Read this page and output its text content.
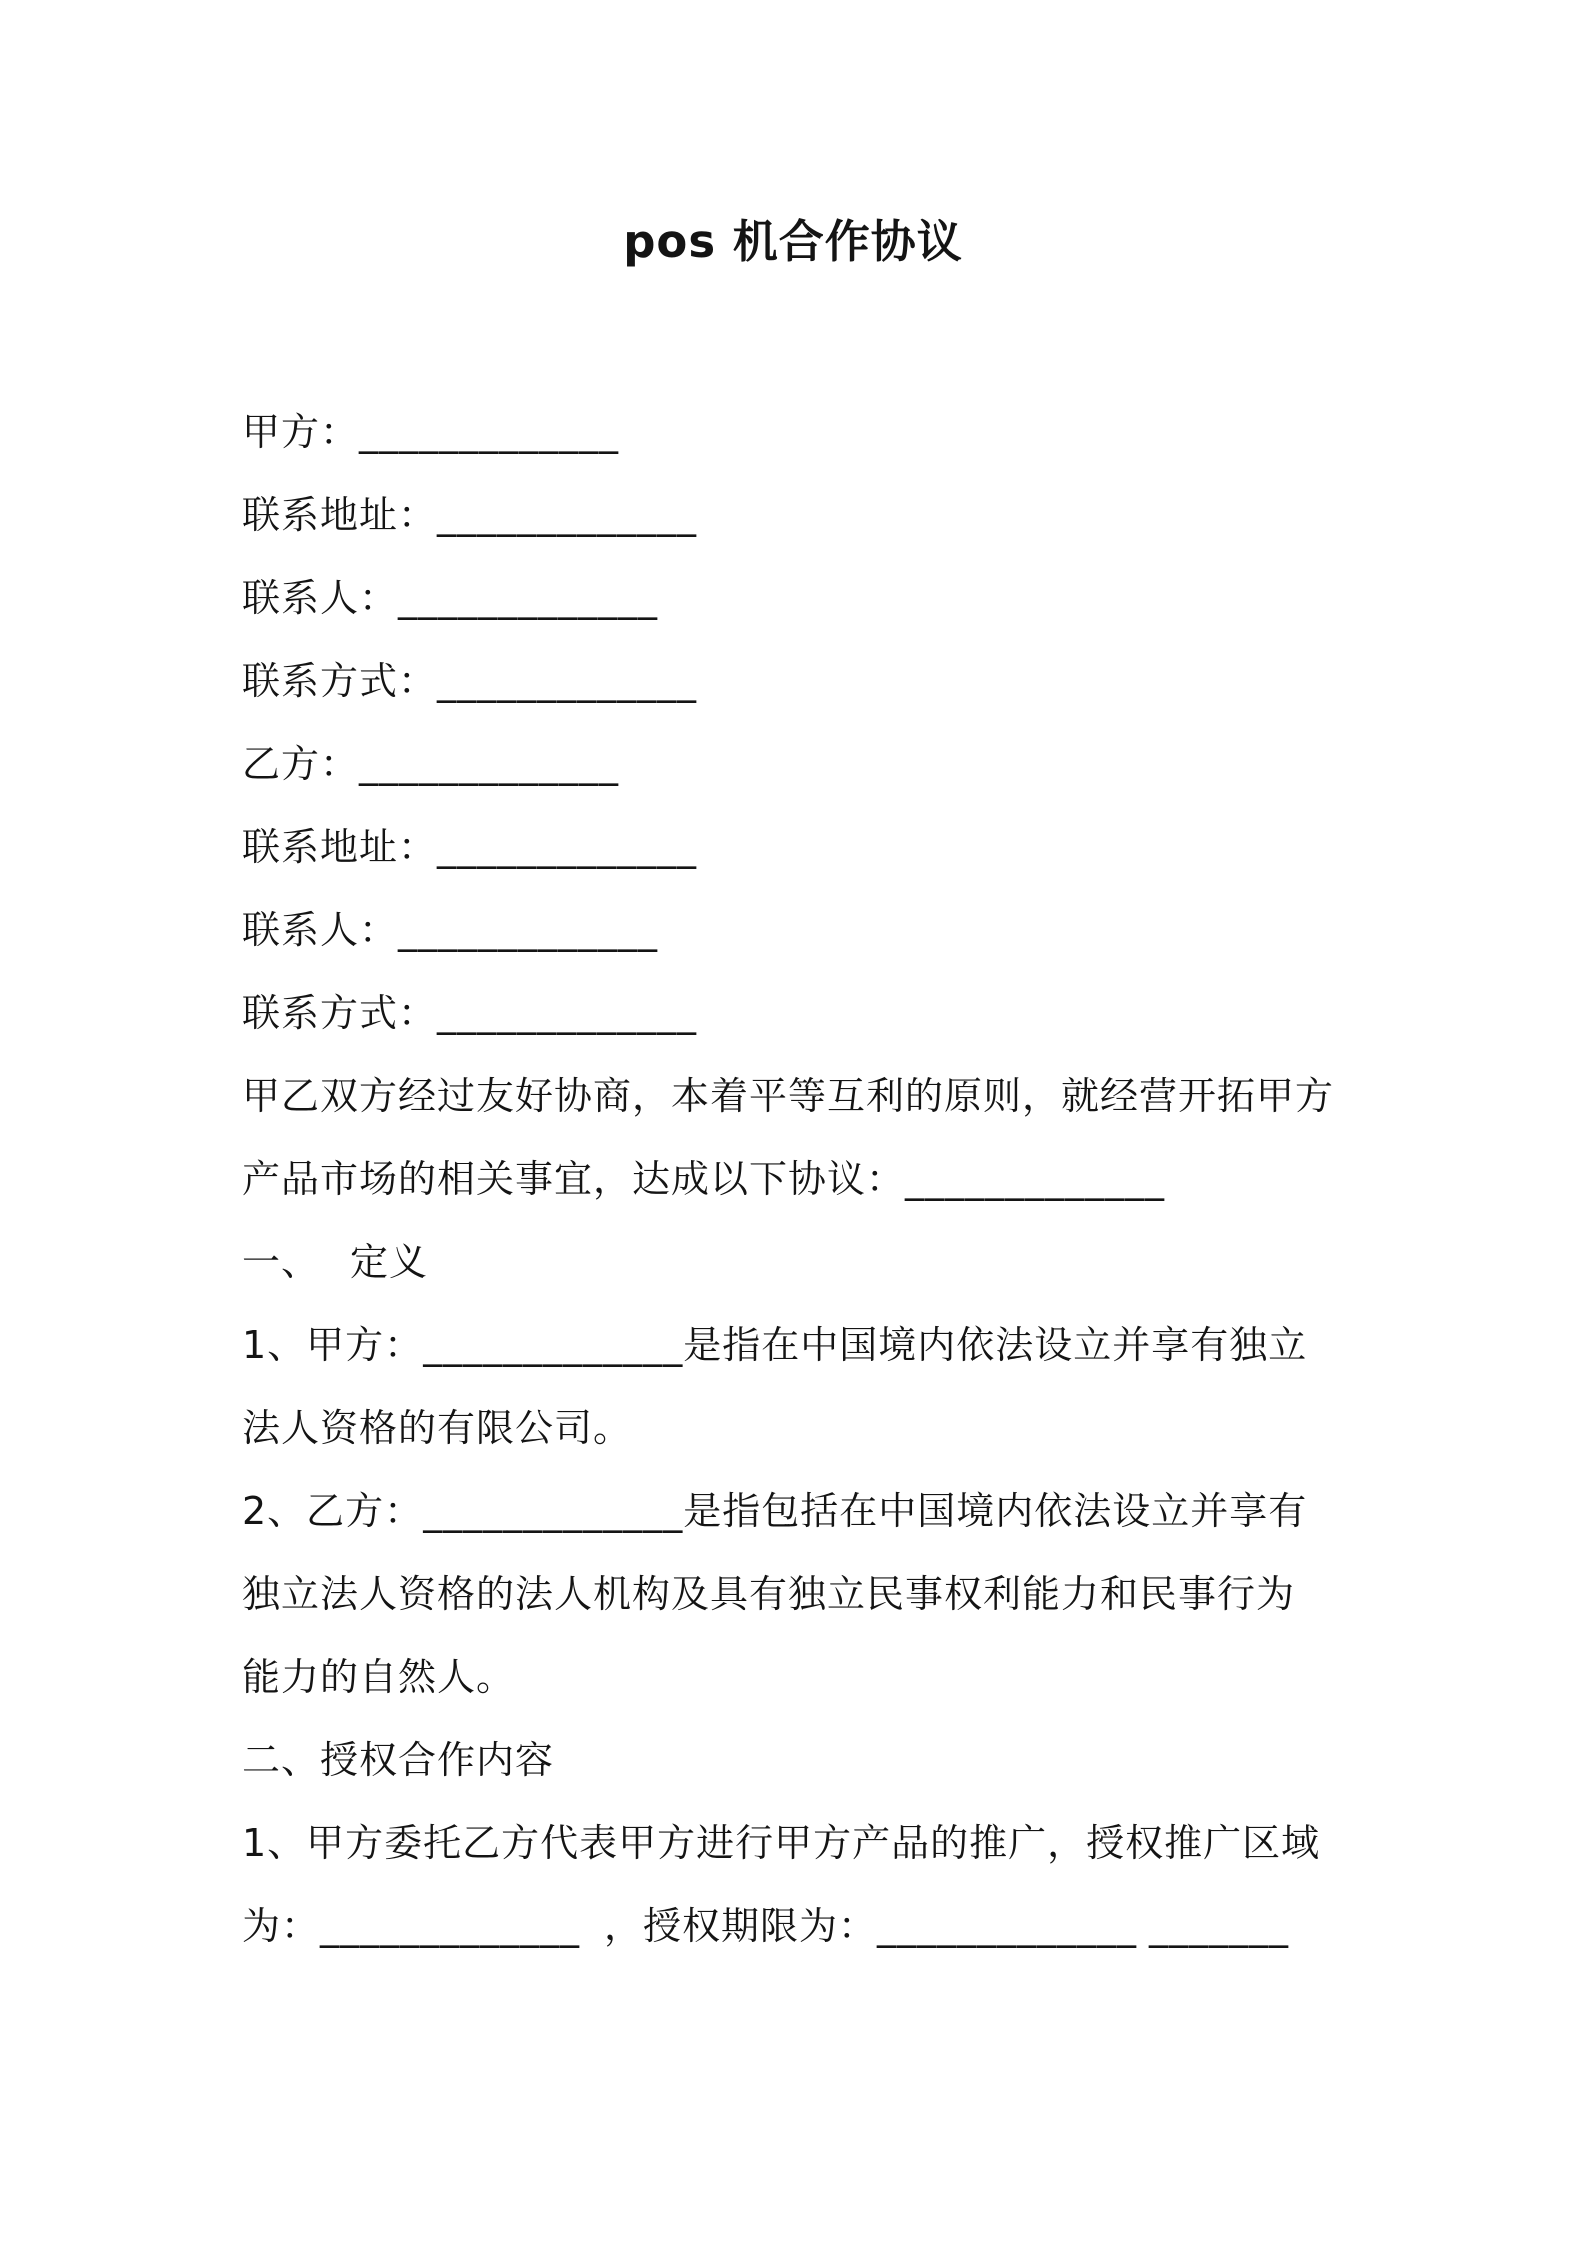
pos 机合作协议
甲方：_____________
联系地址：_____________
联系人：_____________
联系方式：_____________
乙方：_____________
联系地址：_____________
联系人：_____________
联系方式：_____________
甲乙双方经过友好协商，本着平等互利的原则，就经营开拓甲方
产品市场的相关事宜，达成以下协议：_____________
一、 定义
1、甲方：_____________是指在中国境内依法设立并享有独立
法人资格的有限公司。
2、乙方：_____________是指包括在中国境内依法设立并享有
独立法人资格的法人机构及具有独立民事权利能力和民事行为
能力的自然人。
二、授权合作内容
1、甲方委托乙方代表甲方进行甲方产品的推广，授权推广区域
为：_____________ ，授权期限为：_____________ _______
